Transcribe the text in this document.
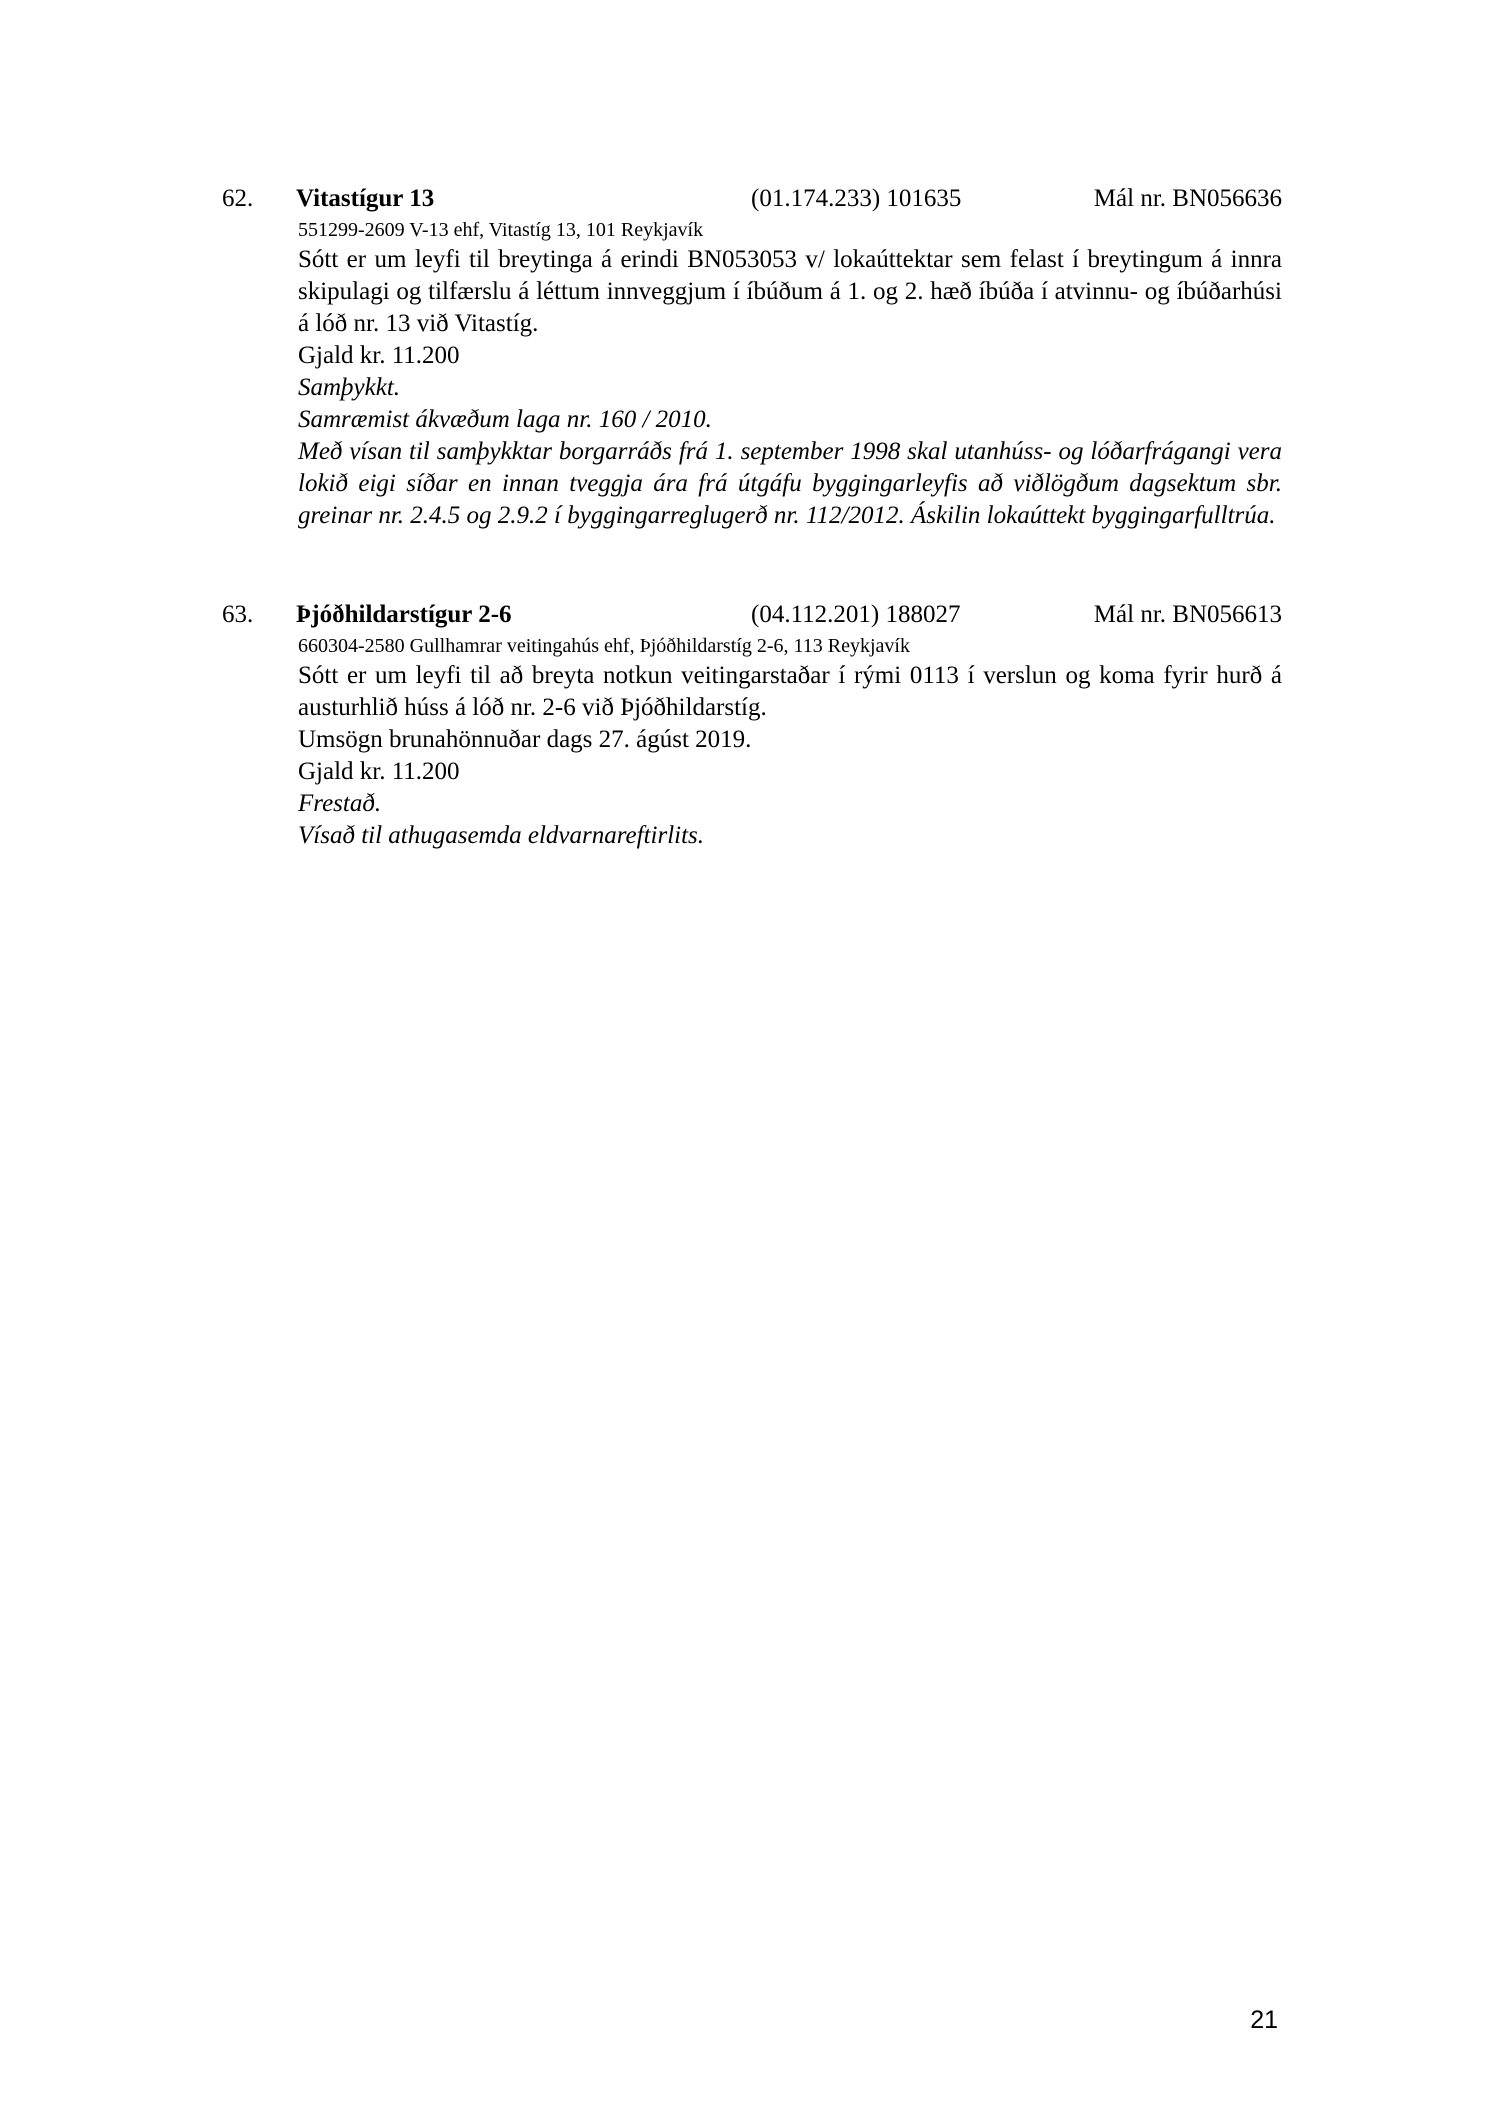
62. Vitastígur 13	(01.174.233) 101635	Mál nr. BN056636
551299-2609 V-13 ehf, Vitastíg 13, 101 Reykjavík

Sótt er um leyfi til breytinga á erindi BN053053 v/ lokaúttektar sem felast í breytingum á innra skipulagi og tilfærslu á léttum innveggjum í íbúðum á 1. og 2. hæð íbúða í atvinnu- og íbúðarhúsi á lóð nr. 13 við Vitastíg.

Gjald kr. 11.200

Samþykkt.

Samræmist ákvæðum laga nr. 160 / 2010.

Með vísan til samþykktar borgarráðs frá 1. september 1998 skal utanhúss- og lóðarfrágangi vera lokið eigi síðar en innan tveggja ára frá útgáfu byggingarleyfis að viðlögðum dagsektum sbr. greinar nr. 2.4.5 og 2.9.2 í byggingarreglugerð nr. 112/2012. Áskilin lokaúttekt byggingarfulltrúa.

63. Þjóðhildarstígur 2-6	(04.112.201) 188027	Mál nr. BN056613
660304-2580 Gullhamrar veitingahús ehf, Þjóðhildarstíg 2-6, 113 Reykjavík

Sótt er um leyfi til að breyta notkun veitingarstaðar í rými 0113 í verslun og koma fyrir hurð á austurhlið húss á lóð nr. 2-6 við Þjóðhildarstíg.

Umsögn brunahönnuðar dags 27. ágúst 2019.

Gjald kr. 11.200

Frestað.

Vísað til athugasemda eldvarnareftirlits.

21
